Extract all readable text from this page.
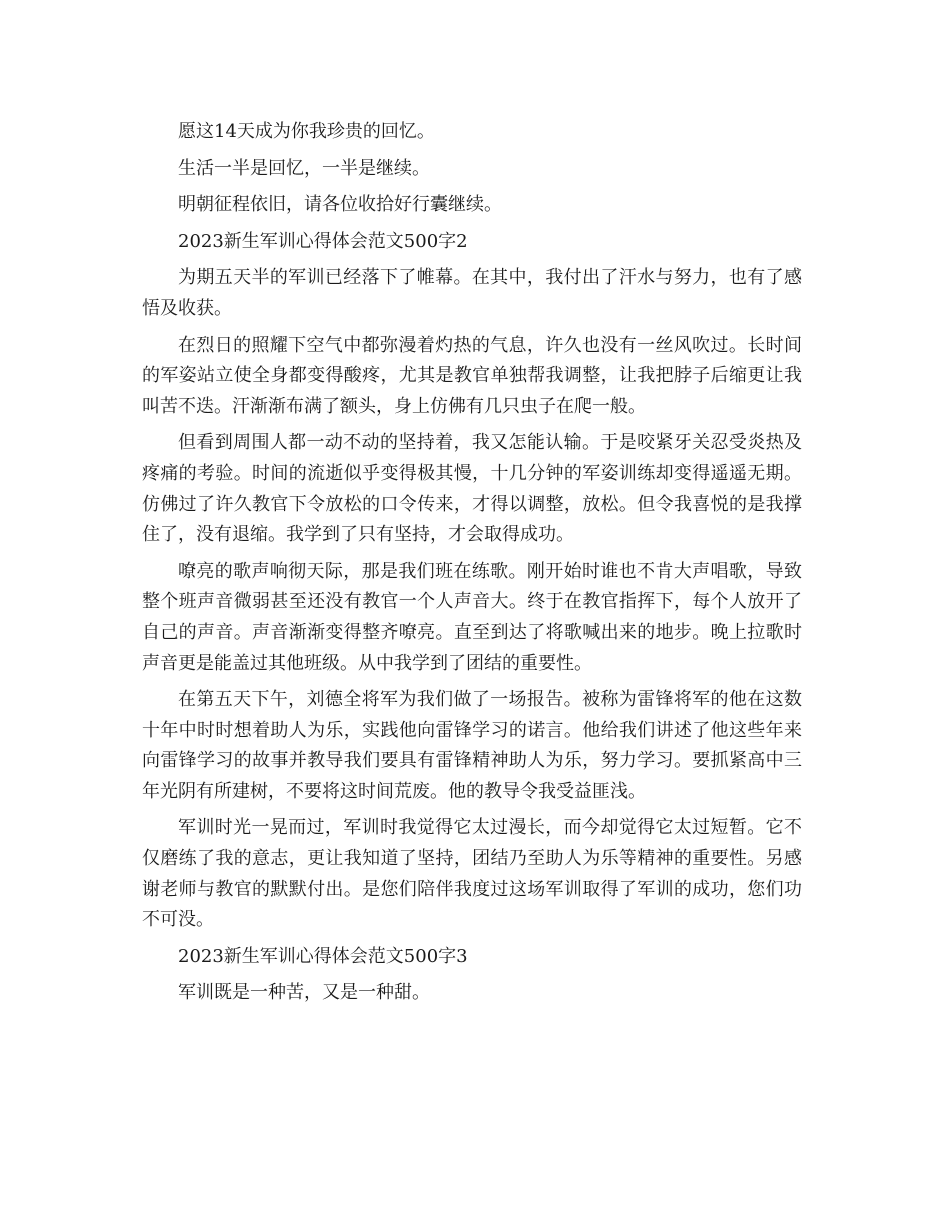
愿这14天成为你我珍贵的回忆。

生活一半是回忆，一半是继续。

明朝征程依旧，请各位收拾好行囊继续。

2023新生军训心得体会范文500字2

为期五天半的军训已经落下了帷幕。在其中，我付出了汗水与努力，也有了感悟及收获。

在烈日的照耀下空气中都弥漫着灼热的气息，许久也没有一丝风吹过。长时间的军姿站立使全身都变得酸疼，尤其是教官单独帮我调整，让我把脖子后缩更让我叫苦不迭。汗渐渐布满了额头，身上仿佛有几只虫子在爬一般。

但看到周围人都一动不动的坚持着，我又怎能认输。于是咬紧牙关忍受炎热及疼痛的考验。时间的流逝似乎变得极其慢，十几分钟的军姿训练却变得遥遥无期。仿佛过了许久教官下令放松的口令传来，才得以调整，放松。但令我喜悦的是我撑住了，没有退缩。我学到了只有坚持，才会取得成功。

嘹亮的歌声响彻天际，那是我们班在练歌。刚开始时谁也不肯大声唱歌，导致整个班声音微弱甚至还没有教官一个人声音大。终于在教官指挥下，每个人放开了自己的声音。声音渐渐变得整齐嘹亮。直至到达了将歌喊出来的地步。晚上拉歌时声音更是能盖过其他班级。从中我学到了团结的重要性。

在第五天下午，刘德全将军为我们做了一场报告。被称为雷锋将军的他在这数十年中时时想着助人为乐，实践他向雷锋学习的诺言。他给我们讲述了他这些年来向雷锋学习的故事并教导我们要具有雷锋精神助人为乐，努力学习。要抓紧高中三年光阴有所建树，不要将这时间荒废。他的教导令我受益匪浅。

军训时光一晃而过，军训时我觉得它太过漫长，而今却觉得它太过短暂。它不仅磨练了我的意志，更让我知道了坚持，团结乃至助人为乐等精神的重要性。另感谢老师与教官的默默付出。是您们陪伴我度过这场军训取得了军训的成功，您们功不可没。

2023新生军训心得体会范文500字3

军训既是一种苦，又是一种甜。
